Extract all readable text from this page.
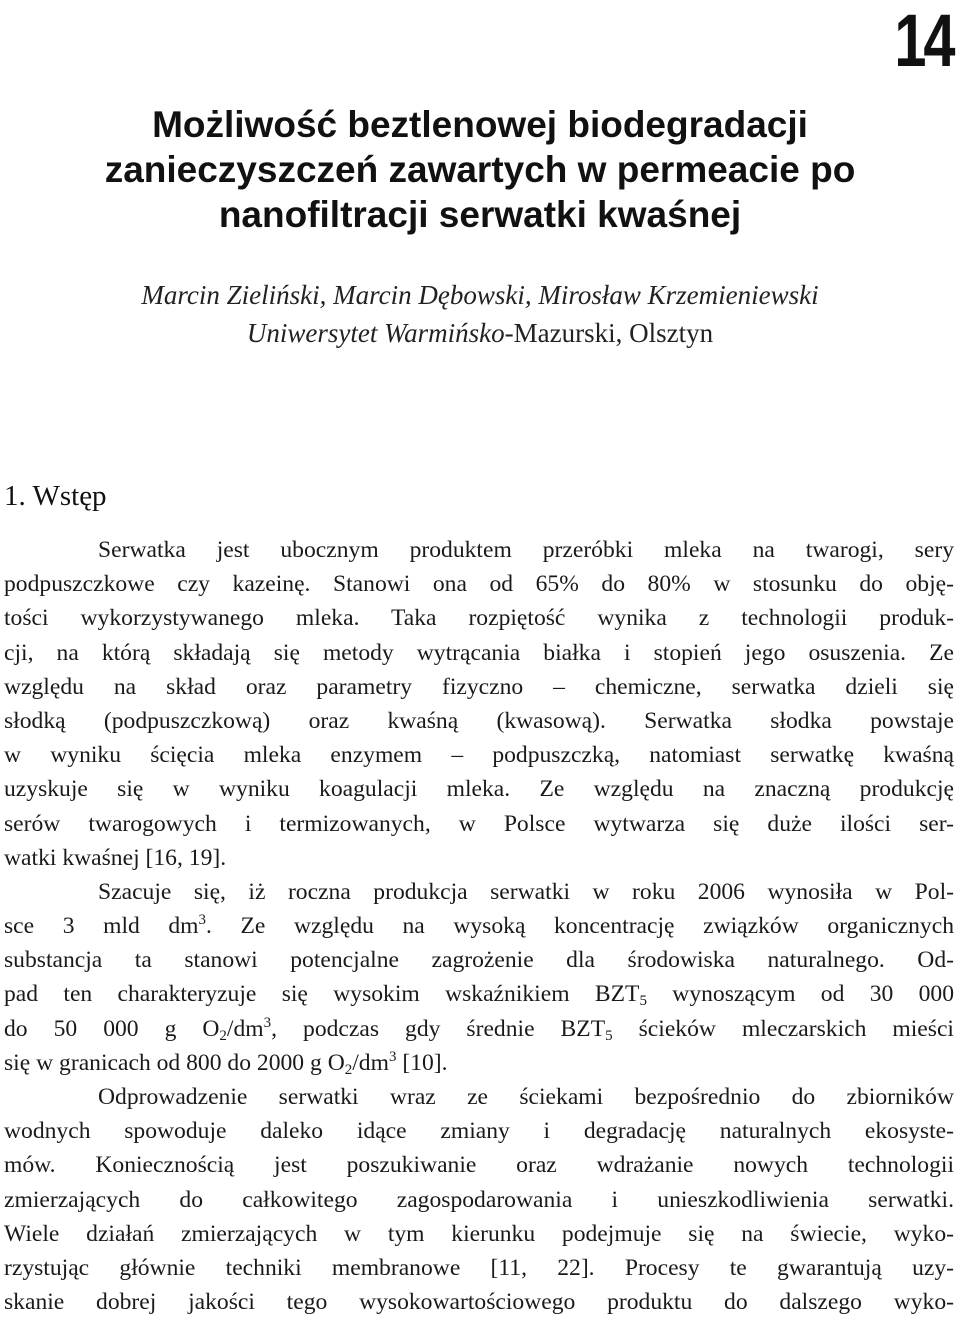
14
Możliwość beztlenowej biodegradacji
zanieczyszczeń zawartych w permeacie po
nanofiltracji serwatki kwaśnej
Marcin Zieliński, Marcin Dębowski, Mirosław Krzemieniewski
Uniwersytet Warmińsko-Mazurski, Olsztyn
1. Wstęp
Serwatka jest ubocznym produktem przeróbki mleka na twarogi, sery
podpuszczkowe czy kazeinę. Stanowi ona od 65% do 80% w stosunku do obję-
tości wykorzystywanego mleka. Taka rozpiętość wynika z technologii produk-
cji, na którą składają się metody wytrącania białka i stopień jego osuszenia. Ze
względu na skład oraz parametry fizyczno – chemiczne, serwatka dzieli się
słodką (podpuszczkową) oraz kwaśną (kwasową). Serwatka słodka powstaje
w wyniku ścięcia mleka enzymem – podpuszczką, natomiast serwatkę kwaśną
uzyskuje się w wyniku koagulacji mleka. Ze względu na znaczną produkcję
serów twarogowych i termizowanych, w Polsce wytwarza się duże ilości ser-
watki kwaśnej [16, 19].
Szacuje się, iż roczna produkcja serwatki w roku 2006 wynosiła w Pol-
sce 3 mld $dm^3$. Ze względu na wysoką koncentrację związków organicznych
substancja ta stanowi potencjalne zagrożenie dla środowiska naturalnego. Od-
pad ten charakteryzuje się wysokim wskaźnikiem $BZT_5$ wynoszącym od 30 000
do 50 000 g $O_2/dm^3$, podczas gdy średnie $BZT_5$ ścieków mleczarskich mieści
się w granicach od 800 do 2000 g $O_2/dm^3$ [10].
Odprowadzenie serwatki wraz ze ściekami bezpośrednio do zbiorników
wodnych spowoduje daleko idące zmiany i degradację naturalnych ekosyste-
mów. Koniecznością jest poszukiwanie oraz wdrażanie nowych technologii
zmierzających do całkowitego zagospodarowania i unieszkodliwienia serwatki.
Wiele działań zmierzających w tym kierunku podejmuje się na świecie, wyko-
rzystując głównie techniki membranowe [11, 22]. Procesy te gwarantują uzy-
skanie dobrej jakości tego wysokowartościowego produktu do dalszego wyko-
